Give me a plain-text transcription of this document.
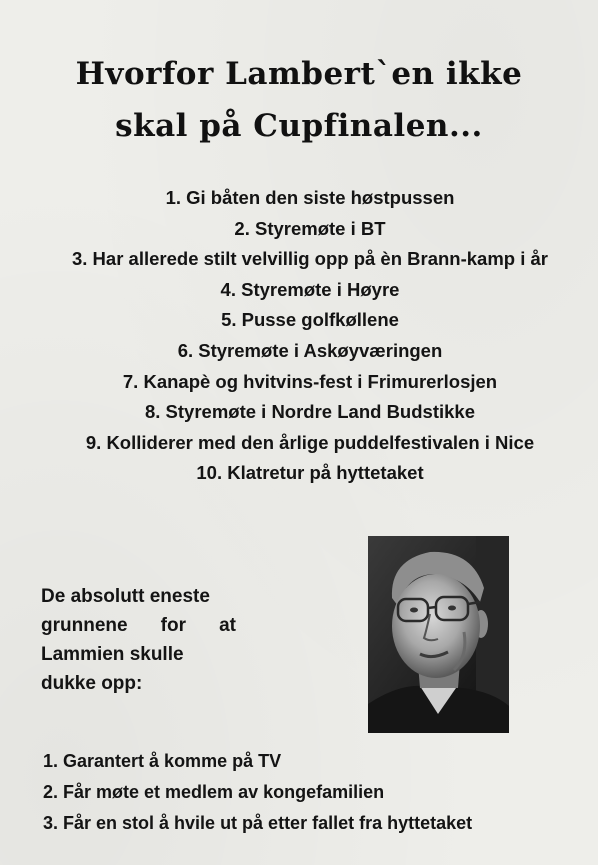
Hvorfor Lambert`en ikke
skal på Cupfinalen...
1. Gi båten den siste høstpussen
2. Styremøte i BT
3. Har allerede stilt velvillig opp på èn Brann-kamp i år
4. Styremøte i Høyre
5. Pusse golfkøllene
6. Styremøte i Askøyværingen
7. Kanapè og hvitvins-fest i Frimurerlosjen
8. Styremøte i Nordre Land Budstikke
9. Kolliderer med den årlige puddelfestivalen i Nice
10. Klatretur på hyttetaket
De absolutt eneste
grunnene for at
Lammien skulle
dukke opp:
1. Garantert å komme på TV
2. Får møte et medlem av kongefamilien
3. Får en stol å hvile ut på etter fallet fra hyttetaket
